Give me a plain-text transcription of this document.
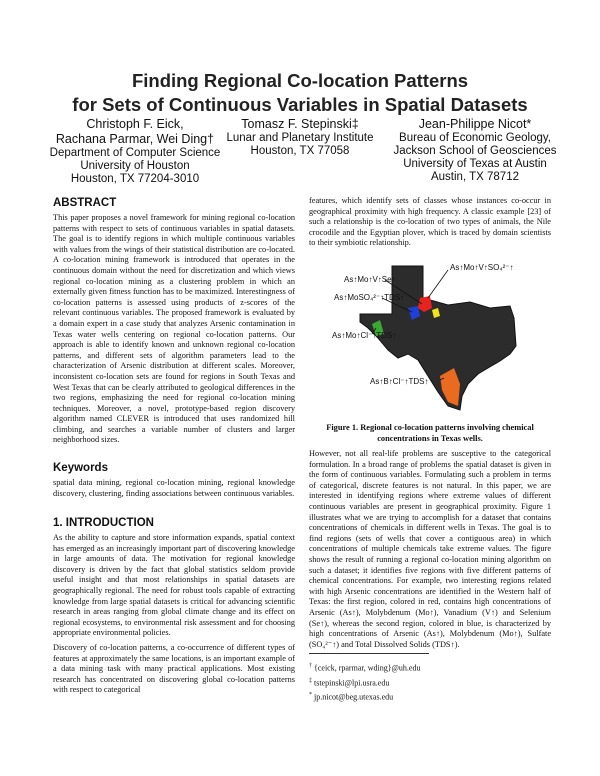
Finding Regional Co-location Patterns
for Sets of Continuous Variables in Spatial Datasets
Christoph F. Eick,
Rachana Parmar, Wei Ding†
Department of Computer Science
University of Houston
Houston, TX 77204-3010
Tomasz F. Stepinski‡
Lunar and Planetary Institute
Houston, TX 77058
Jean-Philippe Nicot*
Bureau of Economic Geology,
Jackson School of Geosciences
University of Texas at Austin
Austin, TX 78712
ABSTRACT

This paper proposes a novel framework for mining regional co-location patterns with respect to sets of continuous variables in spatial datasets. The goal is to identify regions in which multiple continuous variables with values from the wings of their statistical distribution are co-located. A co-location mining framework is introduced that operates in the continuous domain without the need for discretization and which views regional co-location mining as a clustering problem in which an externally given fitness function has to be maximized. Interestingness of co-location patterns is assessed using products of z-scores of the relevant continuous variables. The proposed framework is evaluated by a domain expert in a case study that analyzes Arsenic contamination in Texas water wells centering on regional co-location patterns. Our approach is able to identify known and unknown regional co-location patterns, and different sets of algorithm parameters lead to the characterization of Arsenic distribution at different scales. Moreover, inconsistent co-location sets are found for regions in South Texas and West Texas that can be clearly attributed to geological differences in the two regions, emphasizing the need for regional co-location mining techniques. Moreover, a novel, prototype-based region discovery algorithm named CLEVER is introduced that uses randomized hill climbing, and searches a variable number of clusters and larger neighborhood sizes.

Keywords

spatial data mining, regional co-location mining, regional knowledge discovery, clustering, finding associations between continuous variables.

1. INTRODUCTION

As the ability to capture and store information expands, spatial context has emerged as an increasingly important part of discovering knowledge in large amounts of data. The motivation for regional knowledge discovery is driven by the fact that global statistics seldom provide useful insight and that most relationships in spatial datasets are geographically regional. The need for robust tools capable of extracting knowledge from large spatial datasets is critical for advancing scientific research in areas ranging from global climate change and its effect on regional ecosystems, to environmental risk assessment and for choosing appropriate environmental policies.

Discovery of co-location patterns, a co-occurrence of different types of features at approximately the same locations, is an important example of a data mining task with many practical applications. Most existing research has concentrated on discovering global co-location patterns with respect to categorical

features, which identify sets of classes whose instances co-occur in geographical proximity with high frequency. A classic example [23] of such a relationship is the co-location of two types of animals, the Nile crocodile and the Egyptian plover, which is traced by domain scientists to their symbiotic relationship.

As↑Mo↑V↑SO₄²⁻↑
As↑Mo↑V↑Se↑
As↑MoSO₄²⁻↑TDS↑
As↑Mo↑Cl⁻↑TDS↑
As↑B↑Cl⁻↑TDS↑
Figure 1. Regional co-location patterns involving chemical concentrations in Texas wells.

However, not all real-life problems are susceptive to the categorical formulation. In a broad range of problems the spatial dataset is given in the form of continuous variables. Formulating such a problem in terms of categorical, discrete features is not natural. In this paper, we are interested in identifying regions where extreme values of different continuous variables are present in geographical proximity. Figure 1 illustrates what we are trying to accomplish for a dataset that contains concentrations of chemicals in different wells in Texas. The goal is to find regions (sets of wells that cover a contiguous area) in which concentrations of multiple chemicals take extreme values. The figure shows the result of running a regional co-location mining algorithm on such a dataset; it identifies five regions with five different patterns of chemical concentrations. For example, two interesting regions related with high Arsenic concentrations are identified in the Western half of Texas: the first region, colored in red, contains high concentrations of Arsenic (As↑), Molybdenum (Mo↑), Vanadium (V↑) and Selenium (Se↑), whereas the second region, colored in blue, is characterized by high concentrations of Arsenic (As↑), Molybdenum (Mo↑), Sulfate (SO₄²⁻↑) and Total Dissolved Solids (TDS↑).

† {ceick, rparmar, wding}@uh.edu
‡ tstepinski@lpi.usra.edu
* jp.nicot@beg.utexas.edu
